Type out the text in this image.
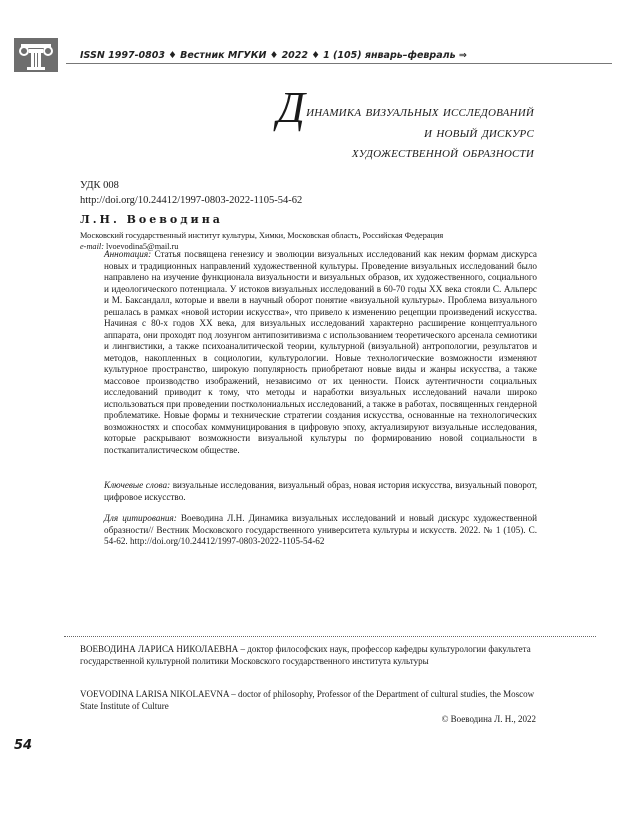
ISSN 1997-0803 ♦ Вестник МГУКИ ♦ 2022 ♦ 1 (105) январь–февраль ⇒
Динамика визуальных исследований
и новый дискурс
художественной образности
УДК 008
http://doi.org/10.24412/1997-0803-2022-1105-54-62
Л.Н. Воеводина
Московский государственный институт культуры, Химки, Московская область, Российская Федерация
e-mail: lvoevodina5@mail.ru
Аннотация: Статья посвящена генезису и эволюции визуальных исследований как неким формам дискурса новых и традиционных направлений художественной культуры. Проведение визуальных исследований было направлено на изучение функционала визуальности и визуальных образов, их художественного, социального и идеологического потенциала. У истоков визуальных исследований в 60-70 годы XX века стояли С. Альперс и М. Баксандалл, которые и ввели в научный оборот понятие «визуальной культуры». Проблема визуального решалась в рамках «новой истории искусства», что привело к изменению рецепции произведений искусства. Начиная с 80-х годов XX века, для визуальных исследований характерно расширение концептуального аппарата, они проходят под лозунгом антипозитивизма с использованием теоретического арсенала семиотики и лингвистики, а также психоаналитической теории, культурной (визуальной) антропологии, результатов и методов, накопленных в социологии, культурологии. Новые технологические возможности изменяют культурное пространство, широкую популярность приобретают новые виды и жанры искусства, а также массовое производство изображений, независимо от их ценности. Поиск аутентичности социальных исследований приводит к тому, что методы и наработки визуальных исследований начали широко использоваться при проведении постколониальных исследований, а также в работах, посвященных гендерной проблематике. Новые формы и технические стратегии создания искусства, основанные на технологических возможностях и способах коммуницирования в цифровую эпоху, актуализируют визуальные исследования, которые раскрывают возможности визуальной культуры по формированию новой социальности в посткапиталистическом обществе.
Ключевые слова: визуальные исследования, визуальный образ, новая история искусства, визуальный поворот, цифровое искусство.
Для цитирования: Воеводина Л.Н. Динамика визуальных исследований и новый дискурс художественной образности// Вестник Московского государственного университета культуры и искусств. 2022. № 1 (105). С. 54-62. http://doi.org/10.24412/1997-0803-2022-1105-54-62
ВОЕВОДИНА ЛАРИСА НИКОЛАЕВНА – доктор философских наук, профессор кафедры культурологии факультета государственной культурной политики Московского государственного института культуры
VOEVODINA LARISA NIKOLAEVNA – doctor of philosophy, Professor of the Department of cultural studies, the Moscow State Institute of Culture
© Воеводина Л. Н., 2022
54
